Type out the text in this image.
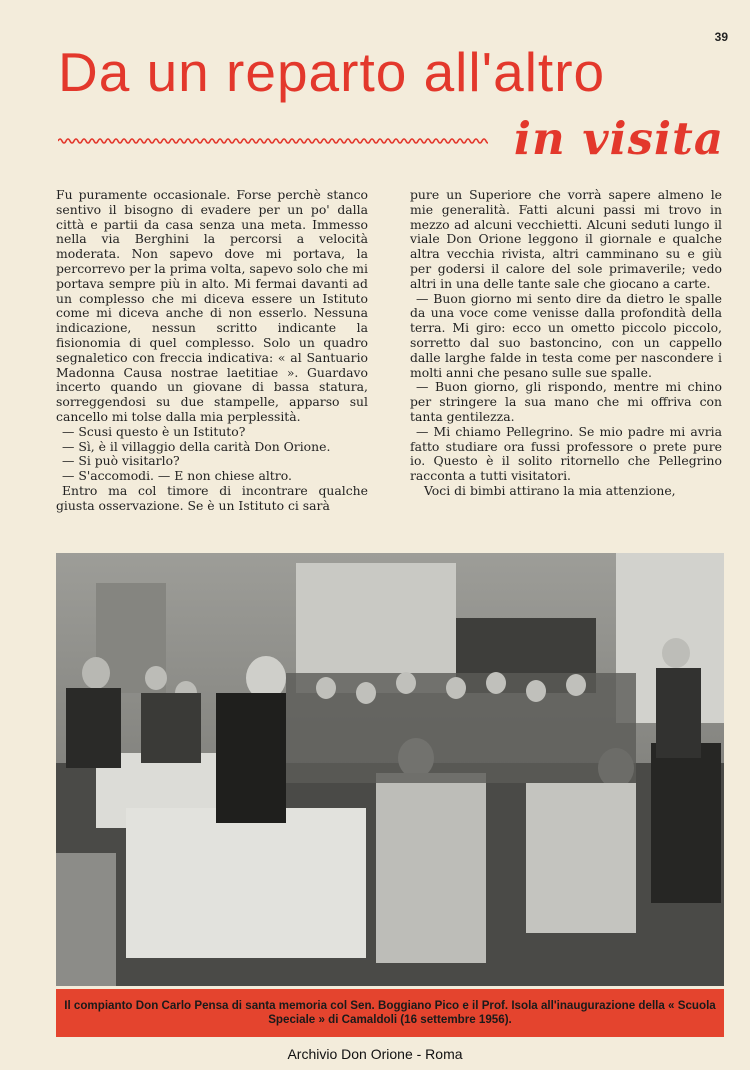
39
Da un reparto all'altro
in visita

Fu puramente occasionale. Forse perchè stanco sentivo il bisogno di evadere per un po' dalla città e partii da casa senza una meta. Immesso nella via Berghini la percorsi a velocità moderata. Non sapevo dove mi portava, la percorrevo per la prima volta, sapevo solo che mi portava sempre più in alto. Mi fermai davanti ad un complesso che mi diceva essere un Istituto come mi diceva anche di non esserlo. Nessuna indicazione, nessun scritto indicante la fisionomia di quel complesso. Solo un quadro segnaletico con freccia indicativa: « al Santuario Madonna Causa nostrae laetitiae ». Guardavo incerto quando un giovane di bassa statura, sorreggendosi su due stampelle, apparso sul cancello mi tolse dalla mia perplessità.

— Scusi questo è un Istituto?

— Sì, è il villaggio della carità Don Orione.

— Si può visitarlo?

— S'accomodi. — E non chiese altro.

Entro ma col timore di incontrare qualche giusta osservazione. Se è un Istituto ci sarà

pure un Superiore che vorrà sapere almeno le mie generalità. Fatti alcuni passi mi trovo in mezzo ad alcuni vecchietti. Alcuni seduti lungo il viale Don Orione leggono il giornale e qualche altra vecchia rivista, altri camminano su e giù per godersi il calore del sole primaverile; vedo altri in una delle tante sale che giocano a carte.

— Buon giorno mi sento dire da dietro le spalle da una voce come venisse dalla profondità della terra. Mi giro: ecco un ometto piccolo piccolo, sorretto dal suo bastoncino, con un cappello dalle larghe falde in testa come per nascondere i molti anni che pesano sulle sue spalle.

— Buon giorno, gli rispondo, mentre mi chino per stringere la sua mano che mi offriva con tanta gentilezza.

— Mi chiamo Pellegrino. Se mio padre mi avria fatto studiare ora fussi professore o prete pure io. Questo è il solito ritornello che Pellegrino racconta a tutti visitatori.

Voci di bimbi attirano la mia attenzione,

Il compianto Don Carlo Pensa di santa memoria col Sen. Boggiano Pico e il Prof. Isola all'inaugurazione della « Scuola Speciale » di Camaldoli (16 settembre 1956).

Archivio Don Orione - Roma
